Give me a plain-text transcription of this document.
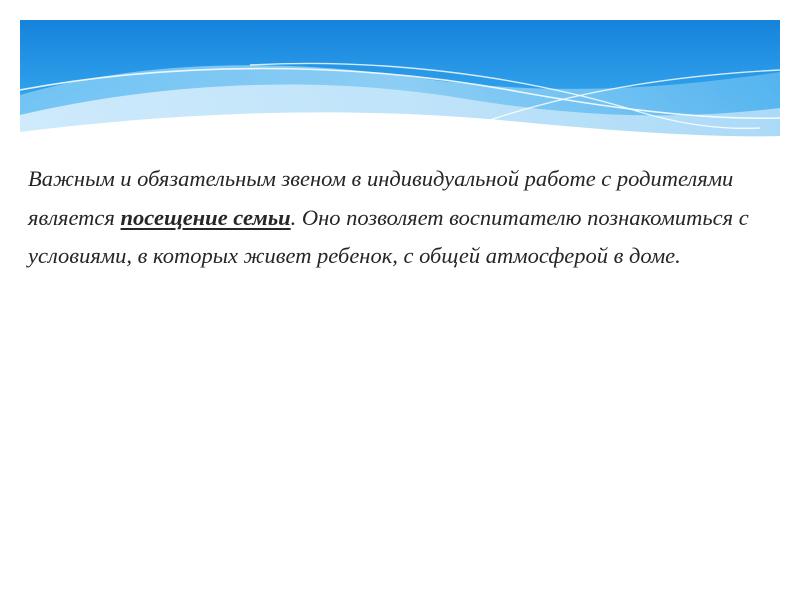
Важным и обязательным звеном в индивидуальной работе с родителями является посещение семьи. Оно позволяет воспитателю познакомиться с условиями, в которых живет ребенок, с общей атмосферой в доме.
